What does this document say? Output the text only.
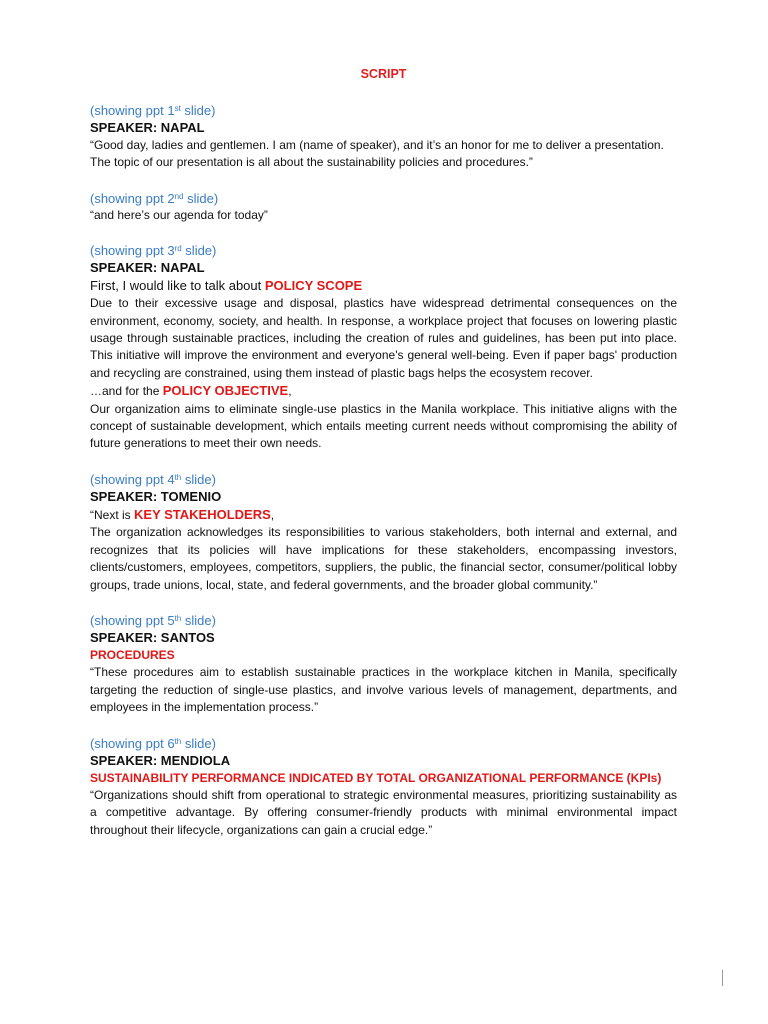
SCRIPT
(showing ppt 1st slide)
SPEAKER: NAPAL
“Good day, ladies and gentlemen. I am (name of speaker), and it’s an honor for me to deliver a presentation.
The topic of our presentation is all about the sustainability policies and procedures.”
(showing ppt 2nd slide)
“and here’s our agenda for today”
(showing ppt 3rd slide)
SPEAKER: NAPAL
First, I would like to talk about POLICY SCOPE
Due to their excessive usage and disposal, plastics have widespread detrimental consequences on the environment, economy, society, and health. In response, a workplace project that focuses on lowering plastic usage through sustainable practices, including the creation of rules and guidelines, has been put into place. This initiative will improve the environment and everyone's general well-being. Even if paper bags' production and recycling are constrained, using them instead of plastic bags helps the ecosystem recover.
…and for the POLICY OBJECTIVE,
Our organization aims to eliminate single-use plastics in the Manila workplace. This initiative aligns with the concept of sustainable development, which entails meeting current needs without compromising the ability of future generations to meet their own needs.
(showing ppt 4th slide)
SPEAKER: TOMENIO
“Next is KEY STAKEHOLDERS,
The organization acknowledges its responsibilities to various stakeholders, both internal and external, and recognizes that its policies will have implications for these stakeholders, encompassing investors, clients/customers, employees, competitors, suppliers, the public, the financial sector, consumer/political lobby groups, trade unions, local, state, and federal governments, and the broader global community.”
(showing ppt 5th slide)
SPEAKER: SANTOS
PROCEDURES
“These procedures aim to establish sustainable practices in the workplace kitchen in Manila, specifically targeting the reduction of single-use plastics, and involve various levels of management, departments, and employees in the implementation process.”
(showing ppt 6th slide)
SPEAKER: MENDIOLA
SUSTAINABILITY PERFORMANCE INDICATED BY TOTAL ORGANIZATIONAL PERFORMANCE (KPIs)
“Organizations should shift from operational to strategic environmental measures, prioritizing sustainability as a competitive advantage. By offering consumer-friendly products with minimal environmental impact throughout their lifecycle, organizations can gain a crucial edge.”
